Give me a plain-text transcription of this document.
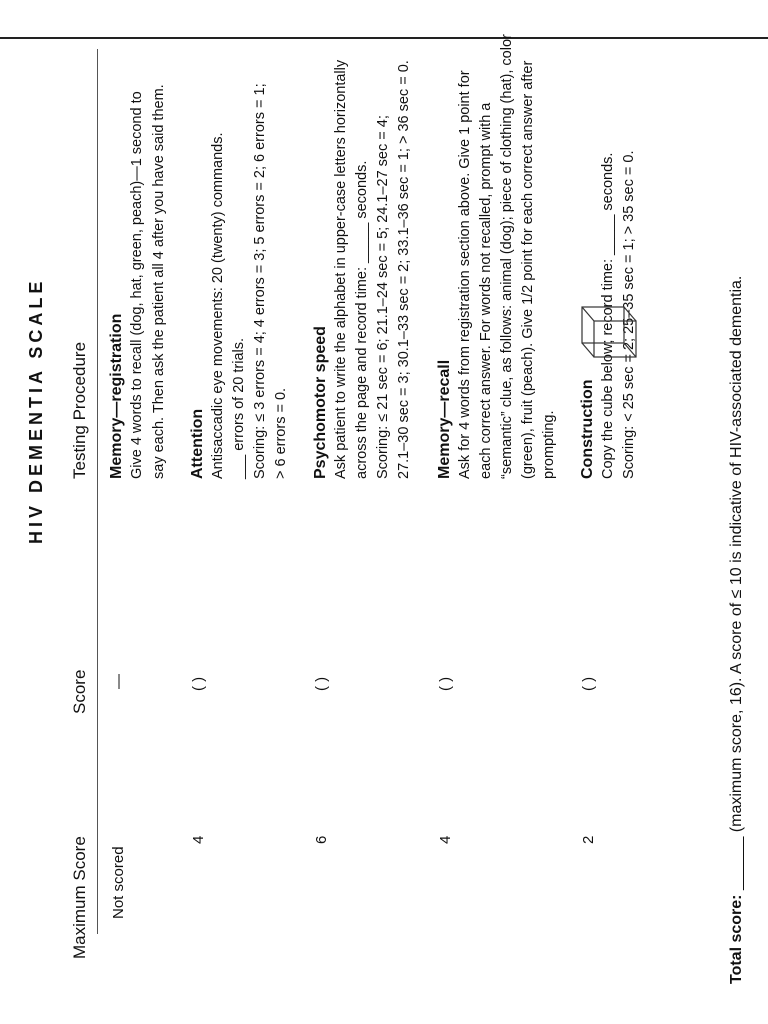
HIV DEMENTIA SCALE
Maximum Score
Score
Testing Procedure
Not scored
—
Memory—registration Give 4 words to recall (dog, hat, green, peach)—1 second to say each. Then ask the patient all 4 after you have said them.
4
( )
Attention Antisaccadic eye movements: 20 (twenty) commands. ___ errors of 20 trials. Scoring: ≤ 3 errors = 4; 4 errors = 3; 5 errors = 2; 6 errors = 1; > 6 errors = 0.
6
( )
Psychomotor speed Ask patient to write the alphabet in upper-case letters horizontally across the page and record time: _____ seconds. Scoring: ≤ 21 sec = 6; 21.1–24 sec = 5; 24.1–27 sec = 4; 27.1–30 sec = 3; 30.1–33 sec = 2; 33.1–36 sec = 1; > 36 sec = 0.
4
( )
Memory—recall Ask for 4 words from registration section above. Give 1 point for each correct answer. For words not recalled, prompt with a “semantic” clue, as follows: animal (dog); piece of clothing (hat), color (green), fruit (peach). Give 1/2 point for each correct answer after prompting.
2
( )
Construction Copy the cube below; record time: _____ seconds. Scoring: < 25 sec = 2; 25–35 sec = 1; > 35 sec = 0.
Total score: ______ (maximum score, 16). A score of ≤ 10 is indicative of HIV-associated dementia.
